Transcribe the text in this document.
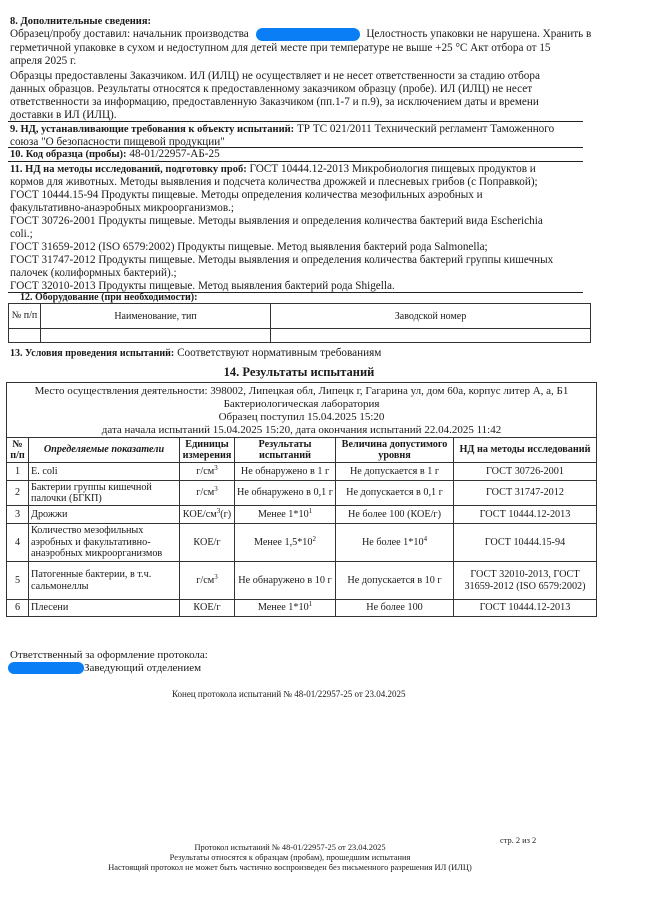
8. Дополнительные сведения:
Образец/пробу доставил: начальник производства	Целостность упаковки не нарушена. Хранить в
герметичной упаковке в сухом и недоступном для детей месте при температуре не выше +25 °C Акт отбора от 15
апреля 2025 г.
Образцы предоставлены Заказчиком. ИЛ (ИЛЦ) не осуществляет и не несет ответственности за стадию отбора
данных образцов. Результаты относятся к предоставленному заказчиком образцу (пробе). ИЛ (ИЛЦ) не несет
ответственности за информацию, предоставленную Заказчиком (пп.1-7 и п.9), за исключением даты и времени
доставки в ИЛ (ИЛЦ).
9. НД, устанавливающие требования к объекту испытаний: ТР ТС 021/2011 Технический регламент Таможенного
союза "О безопасности пищевой продукции"
10. Код образца (пробы): 48-01/22957-АБ-25
11. НД на методы исследований, подготовку проб: ГОСТ 10444.12-2013 Микробиология пищевых продуктов и
кормов для животных. Методы выявления и подсчета количества дрожжей и плесневых грибов (с Поправкой);
ГОСТ 10444.15-94 Продукты пищевые. Методы определения количества мезофильных аэробных и
факультативно-анаэробных микроорганизмов.;
ГОСТ 30726-2001 Продукты пищевые. Методы выявления и определения количества бактерий вида Escherichia
coli.;
ГОСТ 31659-2012 (ISO 6579:2002) Продукты пищевые. Метод выявления бактерий рода Salmonella;
ГОСТ 31747-2012 Продукты пищевые. Методы выявления и определения количества бактерий группы кишечных
палочек (колиформных бактерий).;
ГОСТ 32010-2013 Продукты пищевые. Метод выявления бактерий рода Shigella.
12. Оборудование (при необходимости):
№ п/п	Наименование, тип	Заводской номер

13. Условия проведения испытаний: Соответствуют нормативным требованиям
14. Результаты испытаний
Место осуществления деятельности: 398002, Липецкая обл, Липецк г, Гагарина ул, дом 60а, корпус литер А, а, Б1
Бактериологическая лаборатория
Образец поступил 15.04.2025 15:20
дата начала испытаний 15.04.2025 15:20, дата окончания испытаний 22.04.2025 11:42
№ п/п	Определяемые показатели	Единицы измерения	Результаты испытаний	Величина допустимого уровня	НД на методы исследований
1	E. coli	$г/см^3$	Не обнаружено в 1 г	Не допускается в 1 г	ГОСТ 30726-2001
2	Бактерии группы кишечной палочки (БГКП)	$г/см^3$	Не обнаружено в 0,1 г	Не допускается в 0,1 г	ГОСТ 31747-2012
3	Дрожжи	КОЕ/$см^3(г)$	Менее $1*10^1$	Не более 100 (КОЕ/г)	ГОСТ 10444.12-2013
4	Количество мезофильных аэробных и факультативно-анаэробных микроорганизмов	КОЕ/г	Менее $1,5*10^2$	Не более $1*10^4$	ГОСТ 10444.15-94
5	Патогенные бактерии, в т.ч. сальмонеллы	$г/см^3$	Не обнаружено в 10 г	Не допускается в 10 г	ГОСТ 32010-2013, ГОСТ 31659-2012 (ISO 6579:2002)
6	Плесени	КОЕ/г	Менее $1*10^1$	Не более 100	ГОСТ 10444.12-2013
Ответственный за оформление протокола:
Заведующий отделением
Конец протокола испытаний № 48-01/22957-25 от 23.04.2025
стр. 2 из 2
Протокол испытаний № 48-01/22957-25 от 23.04.2025
Результаты относятся к образцам (пробам), прошедшим испытания
Настоящий протокол не может быть частично воспроизведен без письменного разрешения ИЛ (ИЛЦ)
